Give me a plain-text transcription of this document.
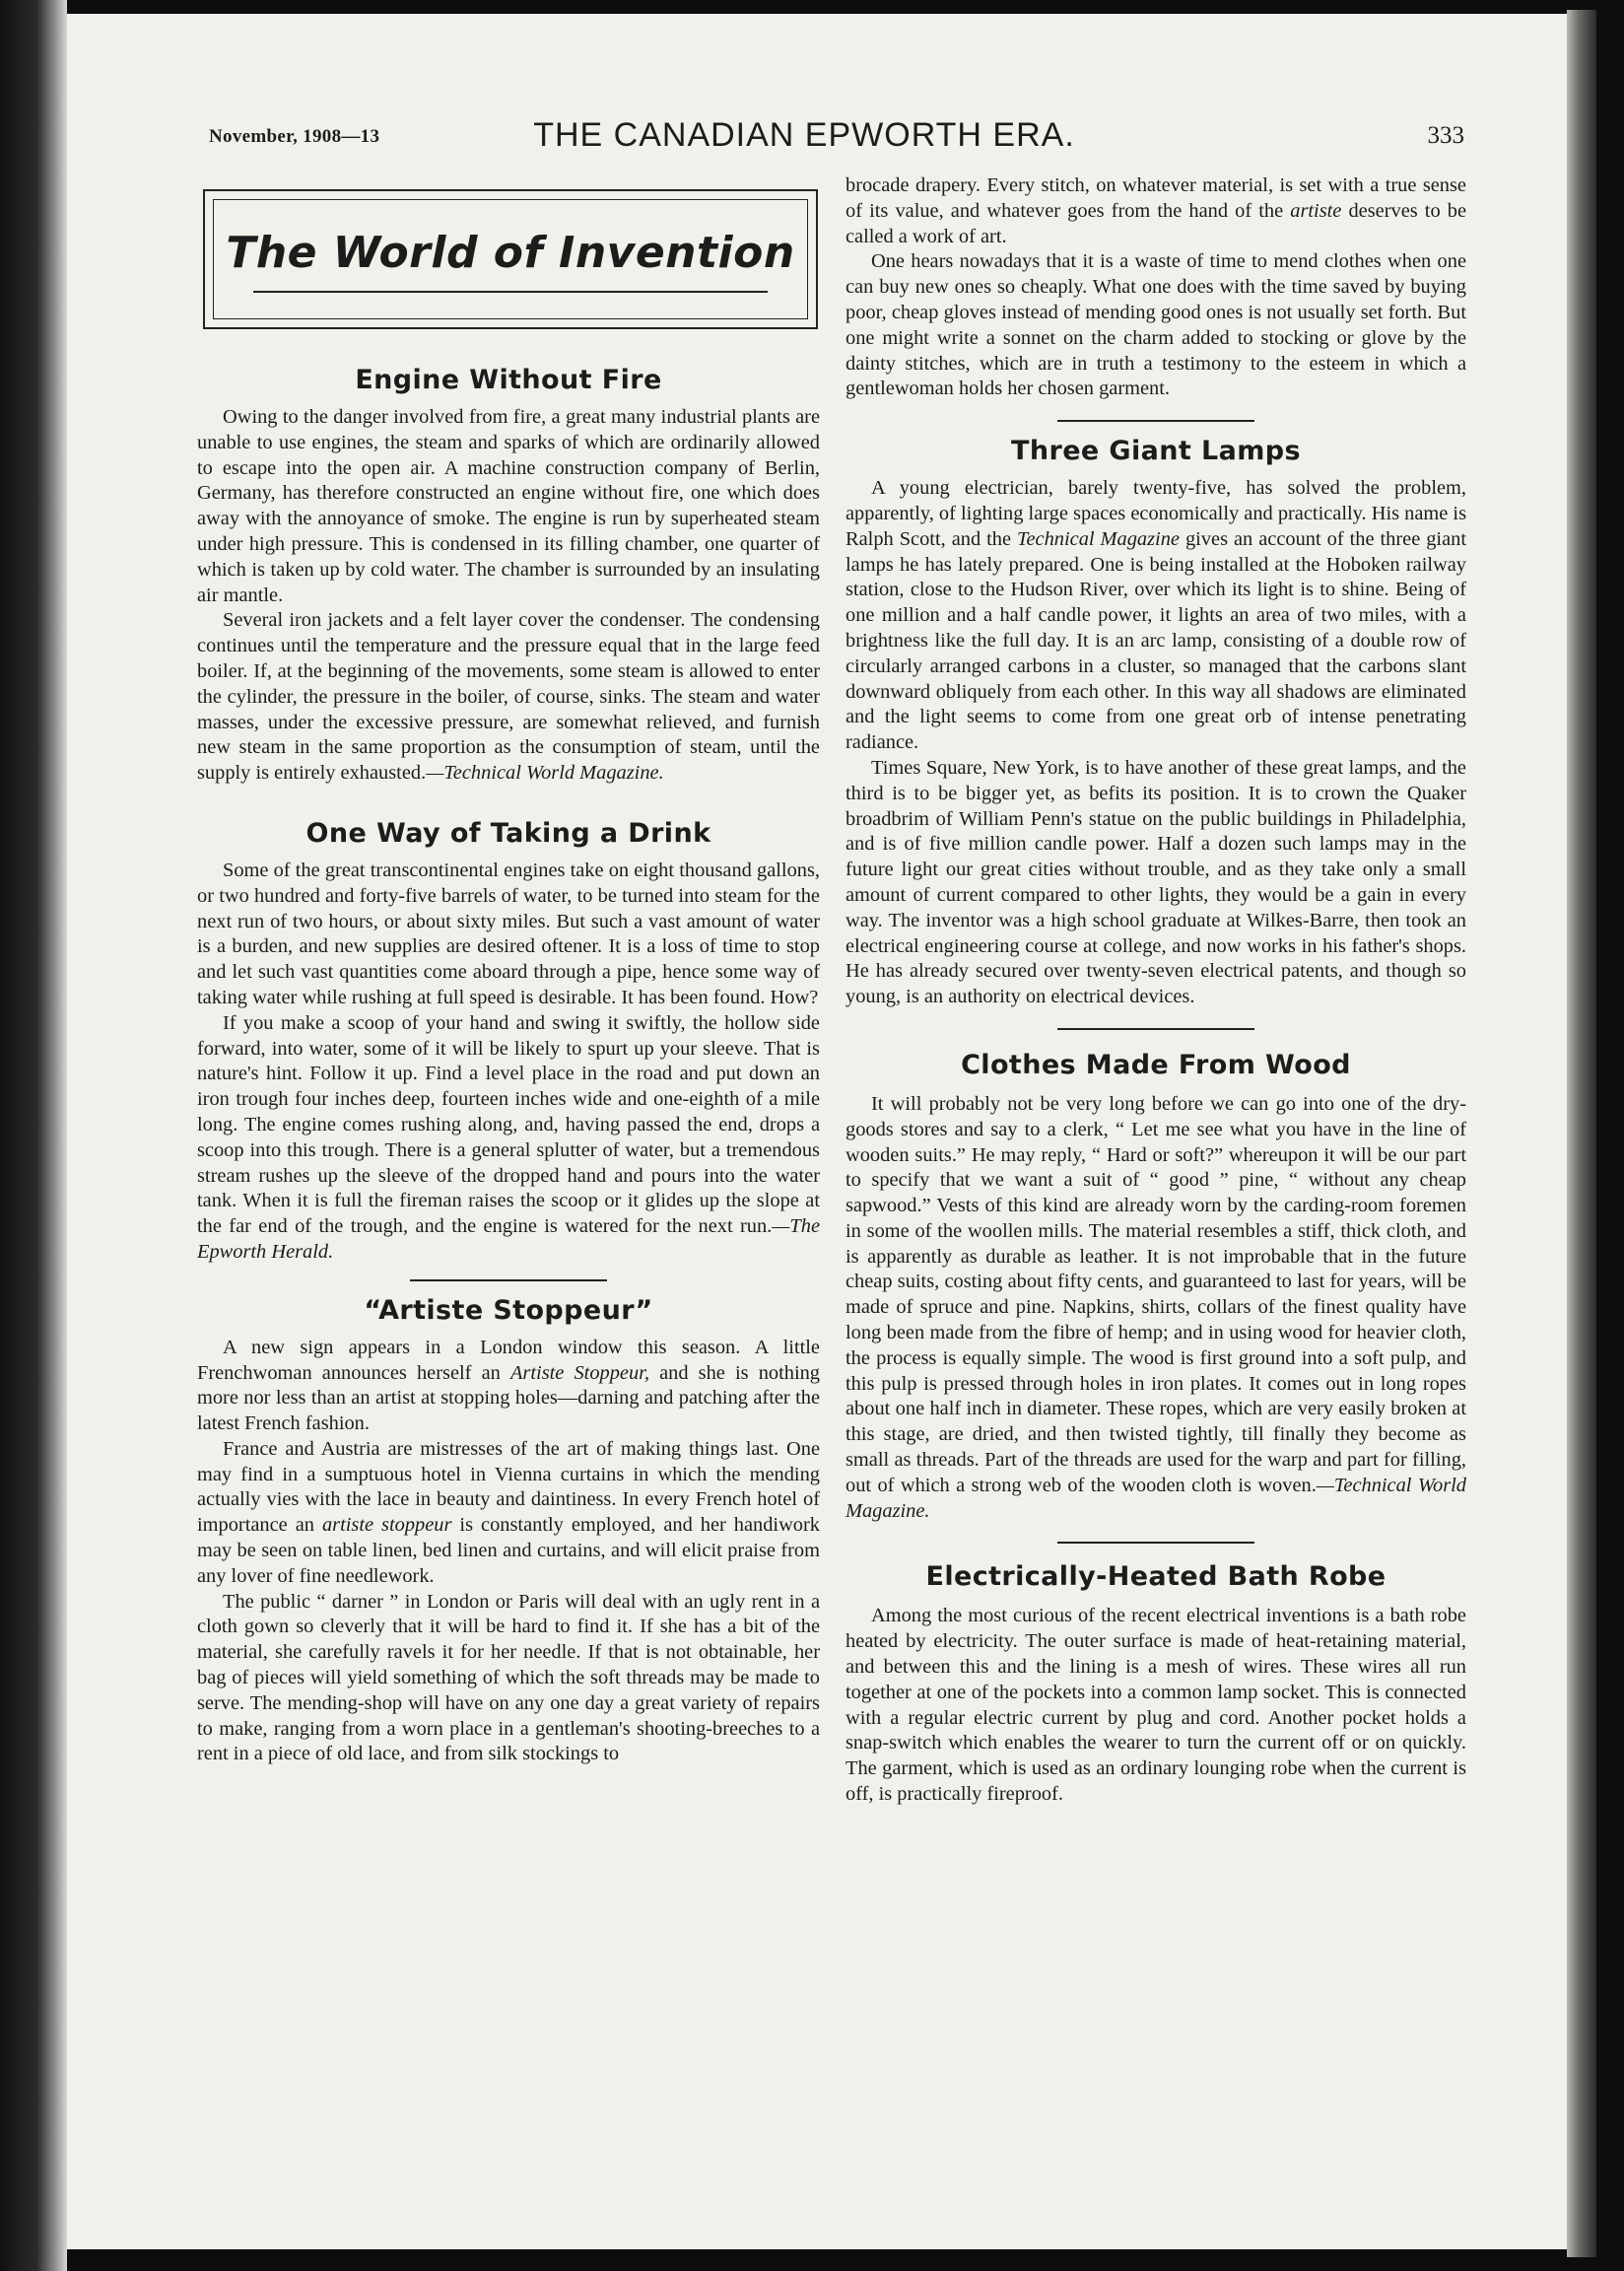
November, 1908—13	THE CANADIAN EPWORTH ERA.	333
The World of Invention
Engine Without Fire

Owing to the danger involved from fire, a great many industrial plants are unable to use engines, the steam and sparks of which are ordinarily allowed to escape into the open air. A machine construction company of Berlin, Germany, has therefore constructed an engine without fire, one which does away with the annoyance of smoke. The engine is run by superheated steam under high pressure. This is condensed in its filling chamber, one quarter of which is taken up by cold water. The chamber is surrounded by an insulating air mantle.

Several iron jackets and a felt layer cover the condenser. The condensing continues until the temperature and the pressure equal that in the large feed boiler. If, at the beginning of the movements, some steam is allowed to enter the cylinder, the pressure in the boiler, of course, sinks. The steam and water masses, under the excessive pressure, are somewhat relieved, and furnish new steam in the same proportion as the consumption of steam, until the supply is entirely exhausted.—Technical World Magazine.

One Way of Taking a Drink

Some of the great transcontinental engines take on eight thousand gallons, or two hundred and forty-five barrels of water, to be turned into steam for the next run of two hours, or about sixty miles. But such a vast amount of water is a burden, and new supplies are desired oftener. It is a loss of time to stop and let such vast quantities come aboard through a pipe, hence some way of taking water while rushing at full speed is desirable. It has been found. How?

If you make a scoop of your hand and swing it swiftly, the hollow side forward, into water, some of it will be likely to spurt up your sleeve. That is nature's hint. Follow it up. Find a level place in the road and put down an iron trough four inches deep, fourteen inches wide and one-eighth of a mile long. The engine comes rushing along, and, having passed the end, drops a scoop into this trough. There is a general splutter of water, but a tremendous stream rushes up the sleeve of the dropped hand and pours into the water tank. When it is full the fireman raises the scoop or it glides up the slope at the far end of the trough, and the engine is watered for the next run.—The Epworth Herald.

“Artiste Stoppeur”

A new sign appears in a London window this season. A little Frenchwoman announces herself an Artiste Stoppeur, and she is nothing more nor less than an artist at stopping holes—darning and patching after the latest French fashion.

France and Austria are mistresses of the art of making things last. One may find in a sumptuous hotel in Vienna curtains in which the mending actually vies with the lace in beauty and daintiness. In every French hotel of importance an artiste stoppeur is constantly employed, and her handiwork may be seen on table linen, bed linen and curtains, and will elicit praise from any lover of fine needlework.

The public “ darner ” in London or Paris will deal with an ugly rent in a cloth gown so cleverly that it will be hard to find it. If she has a bit of the material, she carefully ravels it for her needle. If that is not obtainable, her bag of pieces will yield something of which the soft threads may be made to serve. The mending-shop will have on any one day a great variety of repairs to make, ranging from a worn place in a gentleman's shooting-breeches to a rent in a piece of old lace, and from silk stockings to

brocade drapery. Every stitch, on whatever material, is set with a true sense of its value, and whatever goes from the hand of the artiste deserves to be called a work of art.

One hears nowadays that it is a waste of time to mend clothes when one can buy new ones so cheaply. What one does with the time saved by buying poor, cheap gloves instead of mending good ones is not usually set forth. But one might write a sonnet on the charm added to stocking or glove by the dainty stitches, which are in truth a testimony to the esteem in which a gentlewoman holds her chosen garment.

Three Giant Lamps

A young electrician, barely twenty-five, has solved the problem, apparently, of lighting large spaces economically and practically. His name is Ralph Scott, and the Technical Magazine gives an account of the three giant lamps he has lately prepared. One is being installed at the Hoboken railway station, close to the Hudson River, over which its light is to shine. Being of one million and a half candle power, it lights an area of two miles, with a brightness like the full day. It is an arc lamp, consisting of a double row of circularly arranged carbons in a cluster, so managed that the carbons slant downward obliquely from each other. In this way all shadows are eliminated and the light seems to come from one great orb of intense penetrating radiance.

Times Square, New York, is to have another of these great lamps, and the third is to be bigger yet, as befits its position. It is to crown the Quaker broadbrim of William Penn's statue on the public buildings in Philadelphia, and is of five million candle power. Half a dozen such lamps may in the future light our great cities without trouble, and as they take only a small amount of current compared to other lights, they would be a gain in every way. The inventor was a high school graduate at Wilkes-Barre, then took an electrical engineering course at college, and now works in his father's shops. He has already secured over twenty-seven electrical patents, and though so young, is an authority on electrical devices.

Clothes Made From Wood

It will probably not be very long before we can go into one of the dry-goods stores and say to a clerk, “ Let me see what you have in the line of wooden suits.” He may reply, “ Hard or soft?” whereupon it will be our part to specify that we want a suit of “ good ” pine, “ without any cheap sapwood.” Vests of this kind are already worn by the carding-room foremen in some of the woollen mills. The material resembles a stiff, thick cloth, and is apparently as durable as leather. It is not improbable that in the future cheap suits, costing about fifty cents, and guaranteed to last for years, will be made of spruce and pine. Napkins, shirts, collars of the finest quality have long been made from the fibre of hemp; and in using wood for heavier cloth, the process is equally simple. The wood is first ground into a soft pulp, and this pulp is pressed through holes in iron plates. It comes out in long ropes about one half inch in diameter. These ropes, which are very easily broken at this stage, are dried, and then twisted tightly, till finally they become as small as threads. Part of the threads are used for the warp and part for filling, out of which a strong web of the wooden cloth is woven.—Technical World Magazine.

Electrically-Heated Bath Robe

Among the most curious of the recent electrical inventions is a bath robe heated by electricity. The outer surface is made of heat-retaining material, and between this and the lining is a mesh of wires. These wires all run together at one of the pockets into a common lamp socket. This is connected with a regular electric current by plug and cord. Another pocket holds a snap-switch which enables the wearer to turn the current off or on quickly. The garment, which is used as an ordinary lounging robe when the current is off, is practically fireproof.
